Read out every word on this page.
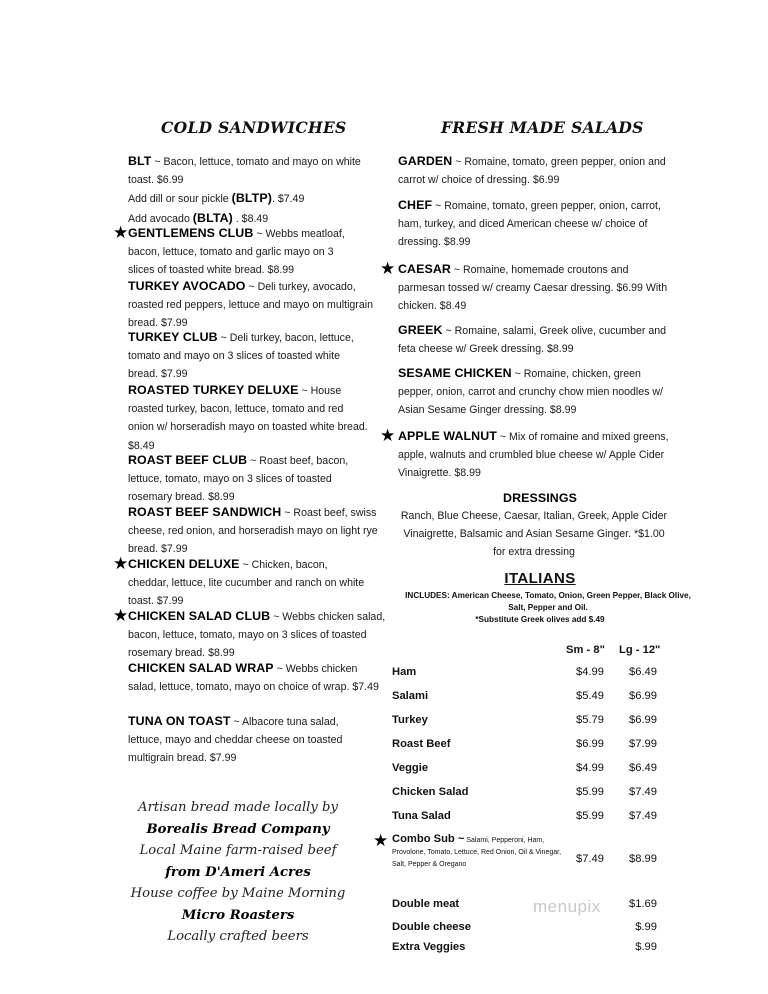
COLD SANDWICHES
BLT ~ Bacon, lettuce, tomato and mayo on white toast. $6.99
Add dill or sour pickle (BLTP). $7.49
Add avocado (BLTA) . $8.49
★ GENTLEMENS CLUB ~ Webbs meatloaf, bacon, lettuce, tomato and garlic mayo on 3 slices of toasted white bread. $8.99
TURKEY AVOCADO ~ Deli turkey, avocado, roasted red peppers, lettuce and mayo on multigrain bread. $7.99
TURKEY CLUB ~ Deli turkey, bacon, lettuce, tomato and mayo on 3 slices of toasted white bread. $7.99
ROASTED TURKEY DELUXE ~ House roasted turkey, bacon, lettuce, tomato and red onion w/ horseradish mayo on toasted white bread. $8.49
ROAST BEEF CLUB ~ Roast beef, bacon, lettuce, tomato, mayo on 3 slices of toasted rosemary bread. $8.99
ROAST BEEF SANDWICH ~ Roast beef, swiss cheese, red onion, and horseradish mayo on light rye bread. $7.99
★ CHICKEN DELUXE ~ Chicken, bacon, cheddar, lettuce, lite cucumber and ranch on white toast. $7.99
★ CHICKEN SALAD CLUB ~ Webbs chicken salad, bacon, lettuce, tomato, mayo on 3 slices of toasted rosemary bread. $8.99
CHICKEN SALAD WRAP ~ Webbs chicken salad, lettuce, tomato, mayo on choice of wrap. $7.49
TUNA ON TOAST ~ Albacore tuna salad, lettuce, mayo and cheddar cheese on toasted multigrain bread. $7.99
Artisan bread made locally by
Borealis Bread Company
Local Maine farm-raised beef
from D'Ameri Acres
House coffee by Maine Morning
Micro Roasters
Locally crafted beers
FRESH MADE SALADS
GARDEN ~ Romaine, tomato, green pepper, onion and carrot w/ choice of dressing. $6.99
CHEF ~ Romaine, tomato, green pepper, onion, carrot, ham, turkey, and diced American cheese w/ choice of dressing. $8.99
★ CAESAR ~ Romaine, homemade croutons and parmesan tossed w/ creamy Caesar dressing. $6.99 With chicken. $8.49
GREEK ~ Romaine, salami, Greek olive, cucumber and feta cheese w/ Greek dressing. $8.99
SESAME CHICKEN ~ Romaine, chicken, green pepper, onion, carrot and crunchy chow mien noodles w/ Asian Sesame Ginger dressing. $8.99
★ APPLE WALNUT ~ Mix of romaine and mixed greens, apple, walnuts and crumbled blue cheese w/ Apple Cider Vinaigrette. $8.99
DRESSINGS
Ranch, Blue Cheese, Caesar, Italian, Greek, Apple Cider Vinaigrette, Balsamic and Asian Sesame Ginger. *$1.00 for extra dressing
ITALIANS
INCLUDES: American Cheese, Tomato, Onion, Green Pepper, Black Olive, Salt, Pepper and Oil.
*Substitute Greek olives add $.49
Sm - 8" Lg - 12"
Ham	$4.99 $6.49
Salami	$5.49 $6.99
Turkey	$5.79 $6.99
Roast Beef	$6.99 $7.99
Veggie	$4.99 $6.49
Chicken Salad	$5.99 $7.49
Tuna Salad	$5.99 $7.49
★ Combo Sub ~ Salami, Pepperoni, Ham, Provolone, Tomato, Lettuce, Red Onion, Oil & Vinegar, Salt, Pepper & Oregano	$7.49 $8.99
Double meat	$1.69
Double cheese	$.99
Extra Veggies	$.99
menupix
